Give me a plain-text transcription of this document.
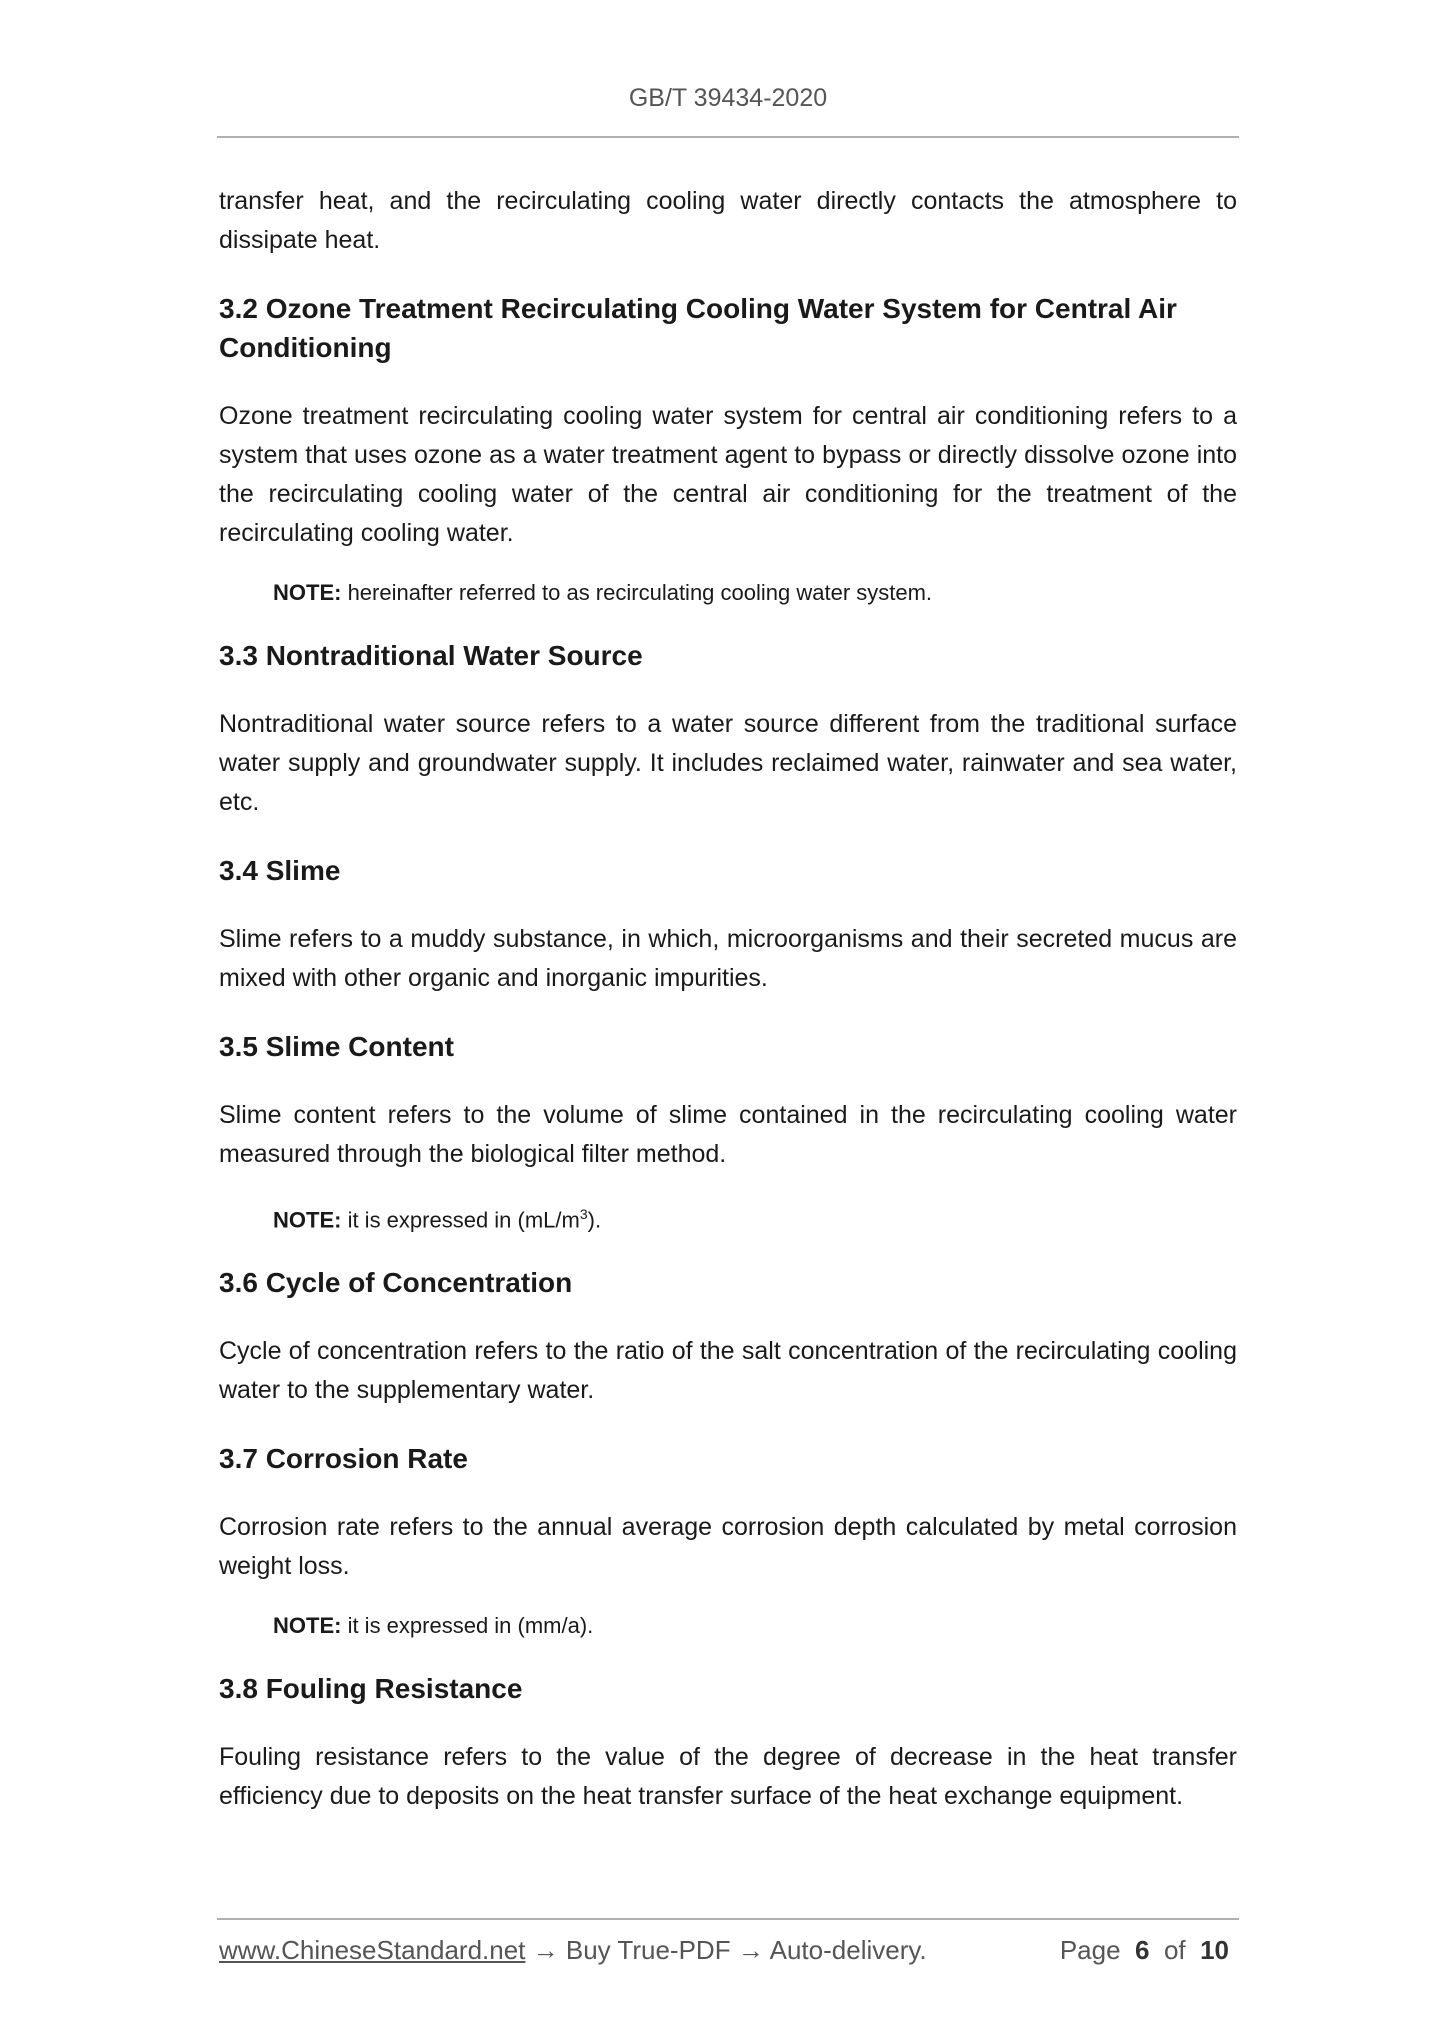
GB/T 39434-2020

transfer heat, and the recirculating cooling water directly contacts the atmosphere to dissipate heat.

3.2 Ozone Treatment Recirculating Cooling Water System for Central Air Conditioning

Ozone treatment recirculating cooling water system for central air conditioning refers to a system that uses ozone as a water treatment agent to bypass or directly dissolve ozone into the recirculating cooling water of the central air conditioning for the treatment of the recirculating cooling water.

NOTE: hereinafter referred to as recirculating cooling water system.

3.3 Nontraditional Water Source

Nontraditional water source refers to a water source different from the traditional surface water supply and groundwater supply. It includes reclaimed water, rainwater and sea water, etc.

3.4 Slime

Slime refers to a muddy substance, in which, microorganisms and their secreted mucus are mixed with other organic and inorganic impurities.

3.5 Slime Content

Slime content refers to the volume of slime contained in the recirculating cooling water measured through the biological filter method.

NOTE: it is expressed in $(mL/m^3)$.

3.6 Cycle of Concentration

Cycle of concentration refers to the ratio of the salt concentration of the recirculating cooling water to the supplementary water.

3.7 Corrosion Rate

Corrosion rate refers to the annual average corrosion depth calculated by metal corrosion weight loss.

NOTE: it is expressed in (mm/a).

3.8 Fouling Resistance

Fouling resistance refers to the value of the degree of decrease in the heat transfer efficiency due to deposits on the heat transfer surface of the heat exchange equipment.

www.ChineseStandard.net → Buy True-PDF → Auto-delivery.	Page 6 of 10
